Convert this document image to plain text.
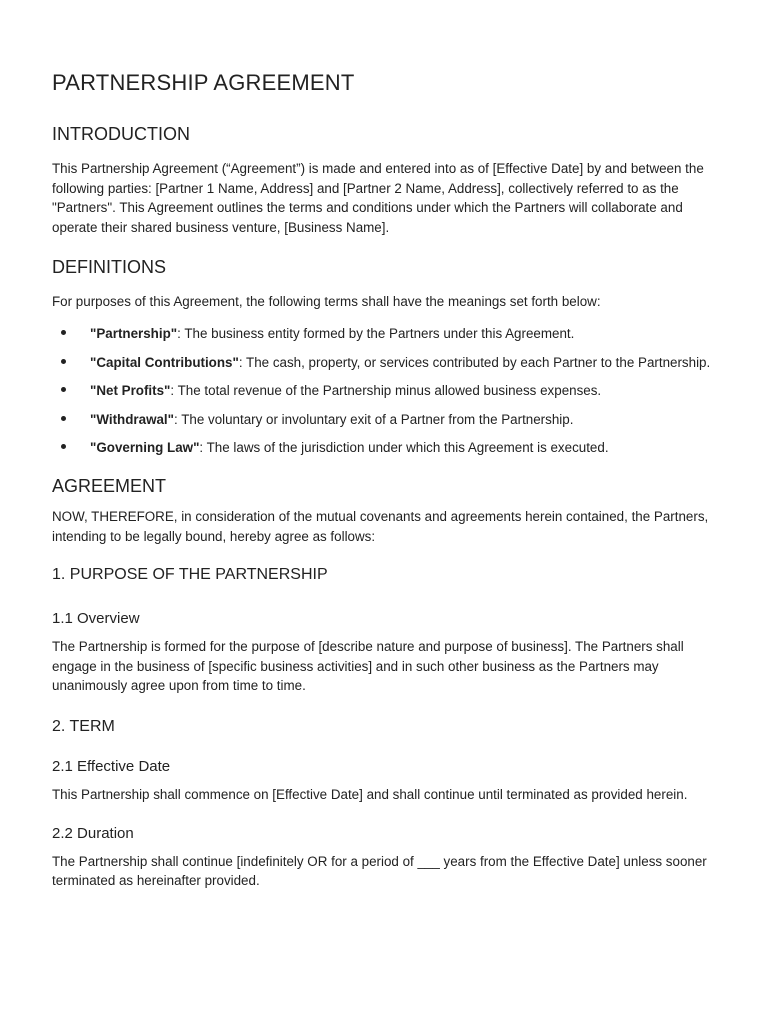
PARTNERSHIP AGREEMENT
INTRODUCTION

This Partnership Agreement (“Agreement”) is made and entered into as of [Effective Date] by and between the following parties: [Partner 1 Name, Address] and [Partner 2 Name, Address], collectively referred to as the "Partners". This Agreement outlines the terms and conditions under which the Partners will collaborate and operate their shared business venture, [Business Name].

DEFINITIONS

For purposes of this Agreement, the following terms shall have the meanings set forth below:

"Partnership": The business entity formed by the Partners under this Agreement.
"Capital Contributions": The cash, property, or services contributed by each Partner to the Partnership.
"Net Profits": The total revenue of the Partnership minus allowed business expenses.
"Withdrawal": The voluntary or involuntary exit of a Partner from the Partnership.
"Governing Law": The laws of the jurisdiction under which this Agreement is executed.
AGREEMENT

NOW, THEREFORE, in consideration of the mutual covenants and agreements herein contained, the Partners, intending to be legally bound, hereby agree as follows:

1. PURPOSE OF THE PARTNERSHIP
1.1 Overview

The Partnership is formed for the purpose of [describe nature and purpose of business]. The Partners shall engage in the business of [specific business activities] and in such other business as the Partners may unanimously agree upon from time to time.

2. TERM
2.1 Effective Date

This Partnership shall commence on [Effective Date] and shall continue until terminated as provided herein.

2.2 Duration

The Partnership shall continue [indefinitely OR for a period of ___ years from the Effective Date] unless sooner terminated as hereinafter provided.
